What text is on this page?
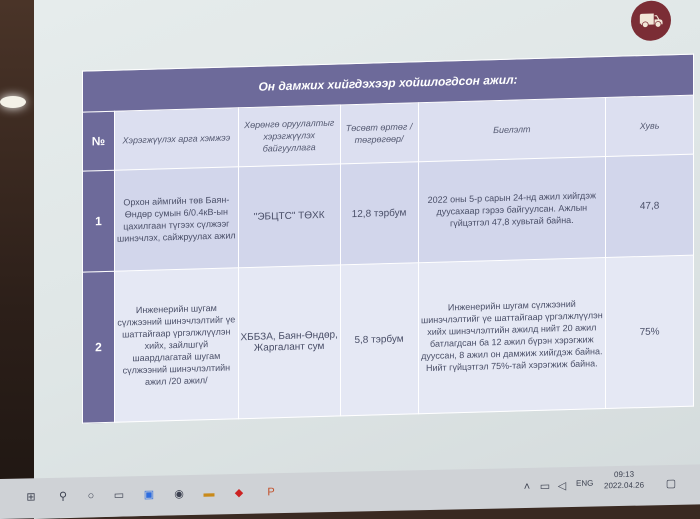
⛟
Он дамжих хийгдэхээр хойшлогдсон ажил:					
№	Хэрэгжүүлэх арга хэмжээ	Хөрөнгө оруулалтыг хэрэгжүүлэх байгууллага	Төсөвт өртөг /төгрөгөөр/	Биелэлт	Хувь
1	Орхон аймгийн төв Баян-Өндөр сумын 6/0.4кВ-ын цахилгаан түгээх сүлжээг шинэчлэх, сайжруулах ажил	"ЭБЦТС" ТӨХК	12,8 тэрбум	2022 оны 5-р сарын 24-нд ажил хийгдэж дуусахаар гэрээ байгуулсан. Ажлын гүйцэтгэл 47,8 хувьтай байна.	47,8
2	Инженерийн шугам сүлжээний шинэчлэлтийг үе шаттайгаар үргэлжлүүлэн хийх, зайлшгүй шаардлагатай шугам сүлжээний шинэчлэлтийн ажил /20 ажил/	ХББЗА, Баян-Өндөр, Жаргалант сум	5,8 тэрбум	Инженерийн шугам сүлжээний шинэчлэлтийг үе шаттайгаар үргэлжлүүлэн хийх шинэчлэлтийн ажилд нийт 20 ажил батлагдсан ба 12 ажил бүрэн хэрэгжиж дууссан, 8 ажил он дамжиж хийгдэж байна. Нийт гүйцэтгэл 75%-тай хэрэгжиж байна.	75%
⊞ ⚲	○	▭ ▣ ◉ ▬ ◆	P	˄ ▭ ◁	ENG
09:13
2022.04.26 ▢
